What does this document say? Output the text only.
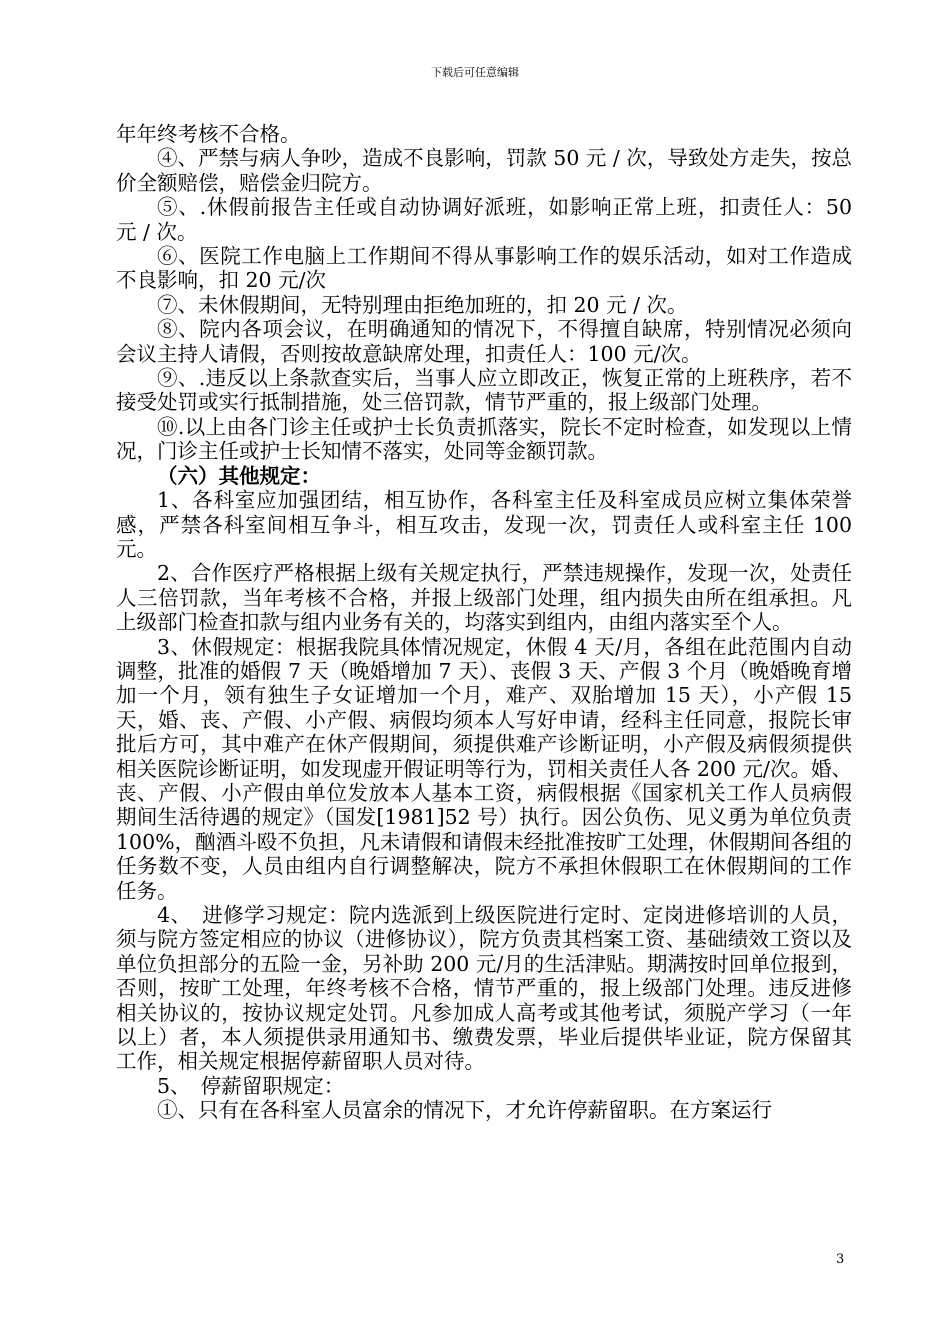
下载后可任意编辑

年年终考核不合格。

④、严禁与病人争吵，造成不良影响，罚款 50 元 / 次，导致处方走失，按总价全额赔偿，赔偿金归院方。

⑤、.休假前报告主任或自动协调好派班，如影响正常上班，扣责任人：50 元 / 次。

⑥、医院工作电脑上工作期间不得从事影响工作的娱乐活动，如对工作造成不良影响，扣 20 元/次

⑦、未休假期间，无特别理由拒绝加班的，扣 20 元 / 次。

⑧、院内各项会议，在明确通知的情况下，不得擅自缺席，特别情况必须向会议主持人请假，否则按故意缺席处理，扣责任人：100 元/次。

⑨、.违反以上条款查实后，当事人应立即改正，恢复正常的上班秩序，若不接受处罚或实行抵制措施，处三倍罚款，情节严重的，报上级部门处理。

⑩.以上由各门诊主任或护士长负责抓落实，院长不定时检查，如发现以上情况，门诊主任或护士长知情不落实，处同等金额罚款。

（六）其他规定：

1、各科室应加强团结，相互协作，各科室主任及科室成员应树立集体荣誉感，严禁各科室间相互争斗，相互攻击，发现一次，罚责任人或科室主任 100 元。

2、合作医疗严格根据上级有关规定执行，严禁违规操作，发现一次，处责任人三倍罚款，当年考核不合格，并报上级部门处理，组内损失由所在组承担。凡上级部门检查扣款与组内业务有关的，均落实到组内，由组内落实至个人。

3、休假规定：根据我院具体情况规定，休假 4 天/月，各组在此范围内自动调整，批准的婚假 7 天（晚婚增加 7 天）、丧假 3 天、产假 3 个月（晚婚晚育增加一个月，领有独生子女证增加一个月，难产、双胎增加 15 天），小产假 15 天，婚、丧、产假、小产假、病假均须本人写好申请，经科主任同意，报院长审批后方可，其中难产在休产假期间，须提供难产诊断证明，小产假及病假须提供相关医院诊断证明，如发现虚开假证明等行为，罚相关责任人各 200 元/次。婚、丧、产假、小产假由单位发放本人基本工资，病假根据《国家机关工作人员病假期间生活待遇的规定》（国发[1981]52 号）执行。因公负伤、见义勇为单位负责 100%，酗酒斗殴不负担，凡未请假和请假未经批准按旷工处理，休假期间各组的任务数不变，人员由组内自行调整解决，院方不承担休假职工在休假期间的工作任务。

4、　进修学习规定：院内选派到上级医院进行定时、定岗进修培训的人员，须与院方签定相应的协议（进修协议），院方负责其档案工资、基础绩效工资以及单位负担部分的五险一金，另补助 200 元/月的生活津贴。期满按时回单位报到，否则，按旷工处理，年终考核不合格，情节严重的，报上级部门处理。违反进修相关协议的，按协议规定处罚。凡参加成人高考或其他考试，须脱产学习（一年以上）者，本人须提供录用通知书、缴费发票，毕业后提供毕业证，院方保留其工作，相关规定根据停薪留职人员对待。

5、　停薪留职规定：

①、只有在各科室人员富余的情况下，才允许停薪留职。在方案运行

3
